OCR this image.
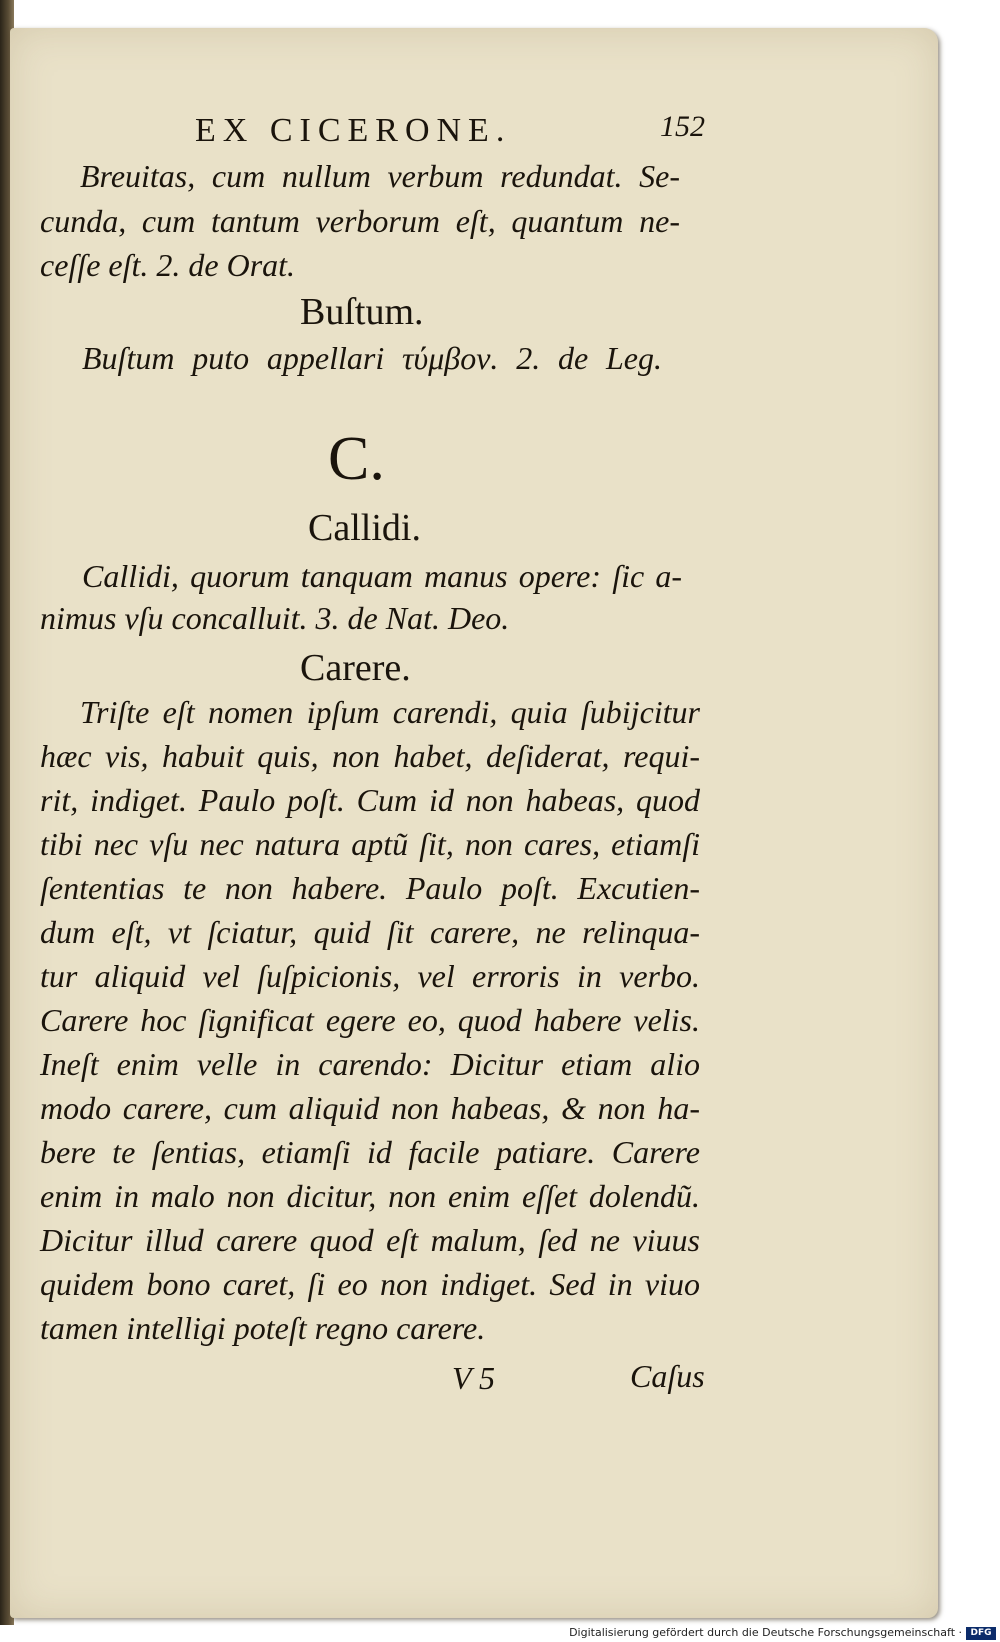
EX CICERONE.	152
Breuitas, cum nullum verbum redundat. Se-
cunda, cum tantum verborum eſt, quantum ne-
ceſſe eſt. 2. de Orat.
Buſtum.
Buſtum puto appellari τύμβον. 2. de Leg.
C.
Callidi.
Callidi, quorum tanquam manus opere: ſic a-
nimus vſu concalluit. 3. de Nat. Deo.
Carere.
Triſte eſt nomen ipſum carendi, quia ſubijcitur
hæc vis, habuit quis, non habet, deſiderat, requi-
rit, indiget. Paulo poſt. Cum id non habeas, quod
tibi nec vſu nec natura aptũ ſit, non cares, etiamſi
ſententias te non habere. Paulo poſt. Excutien-
dum eſt, vt ſciatur, quid ſit carere, ne relinqua-
tur aliquid vel ſuſpicionis, vel erroris in verbo.
Carere hoc ſignificat egere eo, quod habere velis.
Ineſt enim velle in carendo: Dicitur etiam alio
modo carere, cum aliquid non habeas, & non ha-
bere te ſentias, etiamſi id facile patiare. Carere
enim in malo non dicitur, non enim eſſet dolendũ.
Dicitur illud carere quod eſt malum, ſed ne viuus
quidem bono caret, ſi eo non indiget. Sed in viuo
tamen intelligi poteſt regno carere.
V 5	Caſus
Digitalisierung gefördert durch die Deutsche Forschungsgemeinschaft · DFG
